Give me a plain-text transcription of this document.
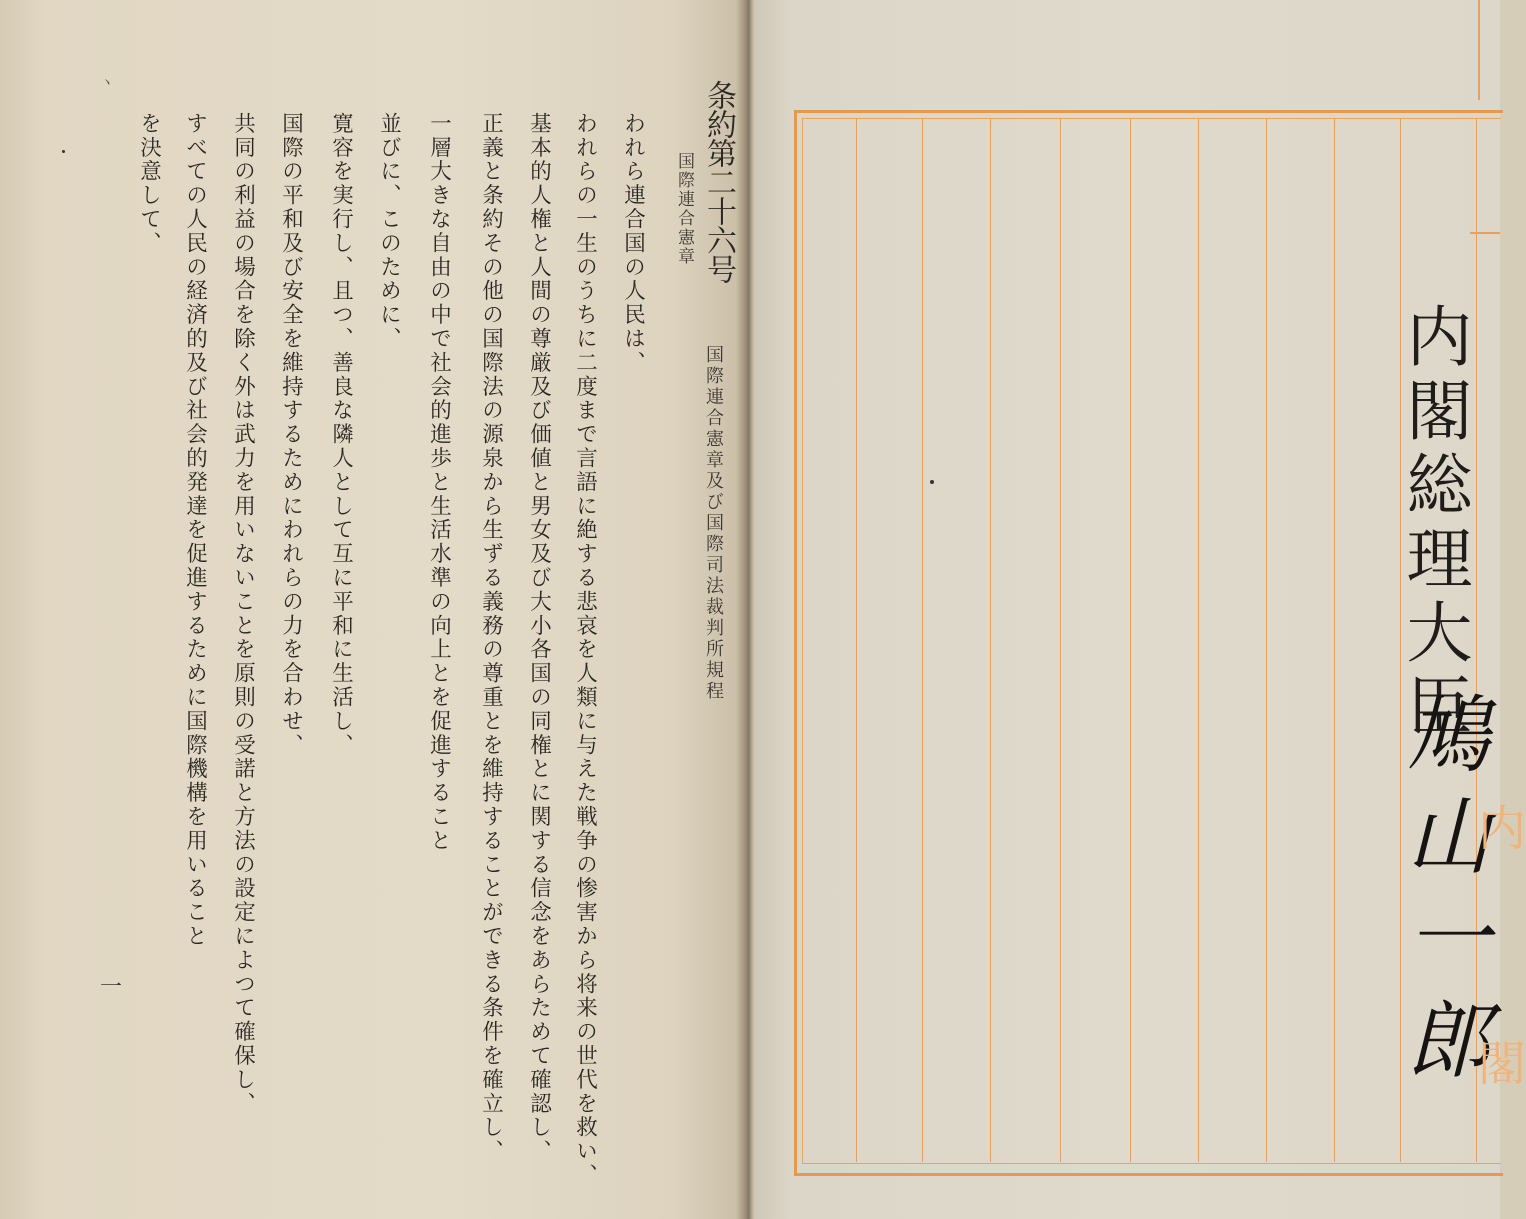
条約第二十六号
国際連合憲章及び国際司法裁判所規程
国際連合憲章
われら連合国の人民は、
われらの一生のうちに二度まで言語に絶する悲哀を人類に与えた戦争の惨害から将来の世代を救い、
基本的人権と人間の尊厳及び価値と男女及び大小各国の同権とに関する信念をあらためて確認し、
正義と条約その他の国際法の源泉から生ずる義務の尊重とを維持することができる条件を確立し、
一層大きな自由の中で社会的進歩と生活水準の向上とを促進すること
並びに、このために、
寛容を実行し、且つ、善良な隣人として互に平和に生活し、
国際の平和及び安全を維持するためにわれらの力を合わせ、
共同の利益の場合を除く外は武力を用いないことを原則の受諾と方法の設定によつて確保し、
すべての人民の経済的及び社会的発達を促進するために国際機構を用いること
を決意して、
一
ヽ
内閣総理大臣
鳩山一郎
内
閣
